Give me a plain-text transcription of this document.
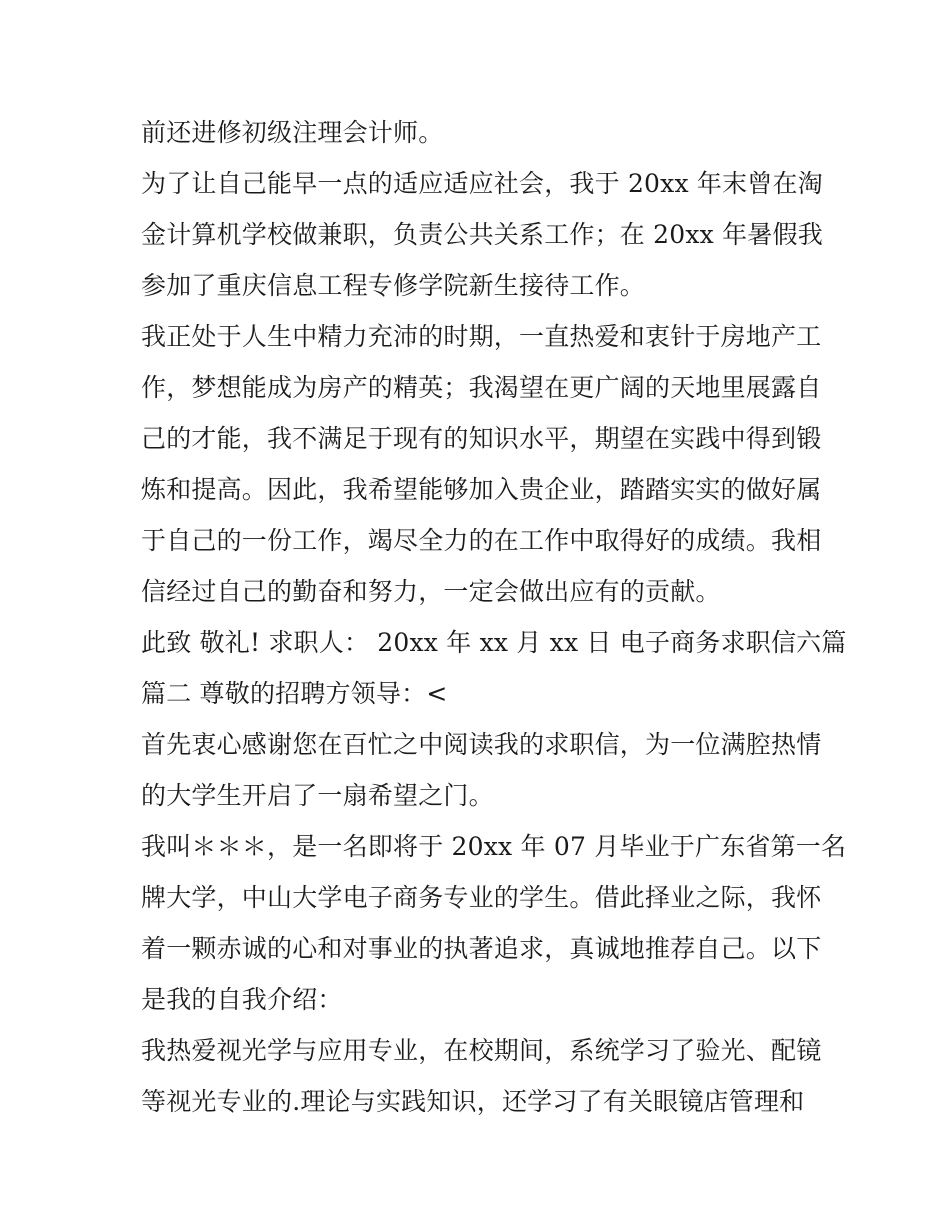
前还进修初级注理会计师。
为了让自己能早一点的适应适应社会，我于 20xx 年末曾在淘
金计算机学校做兼职，负责公共关系工作；在 20xx 年暑假我
参加了重庆信息工程专修学院新生接待工作。
我正处于人生中精力充沛的时期，一直热爱和衷针于房地产工
作，梦想能成为房产的精英；我渴望在更广阔的天地里展露自
己的才能，我不满足于现有的知识水平，期望在实践中得到锻
炼和提高。因此，我希望能够加入贵企业，踏踏实实的做好属
于自己的一份工作，竭尽全力的在工作中取得好的成绩。我相
信经过自己的勤奋和努力，一定会做出应有的贡献。
此致 敬礼! 求职人： 20xx 年 xx 月 xx 日 电子商务求职信六篇
篇二 尊敬的招聘方领导：<
首先衷心感谢您在百忙之中阅读我的求职信，为一位满腔热情
的大学生开启了一扇希望之门。
我叫＊＊＊，是一名即将于 20xx 年 07 月毕业于广东省第一名
牌大学，中山大学电子商务专业的学生。借此择业之际，我怀
着一颗赤诚的心和对事业的执著追求，真诚地推荐自己。以下
是我的自我介绍：
我热爱视光学与应用专业，在校期间，系统学习了验光、配镜
等视光专业的.理论与实践知识，还学习了有关眼镜店管理和
